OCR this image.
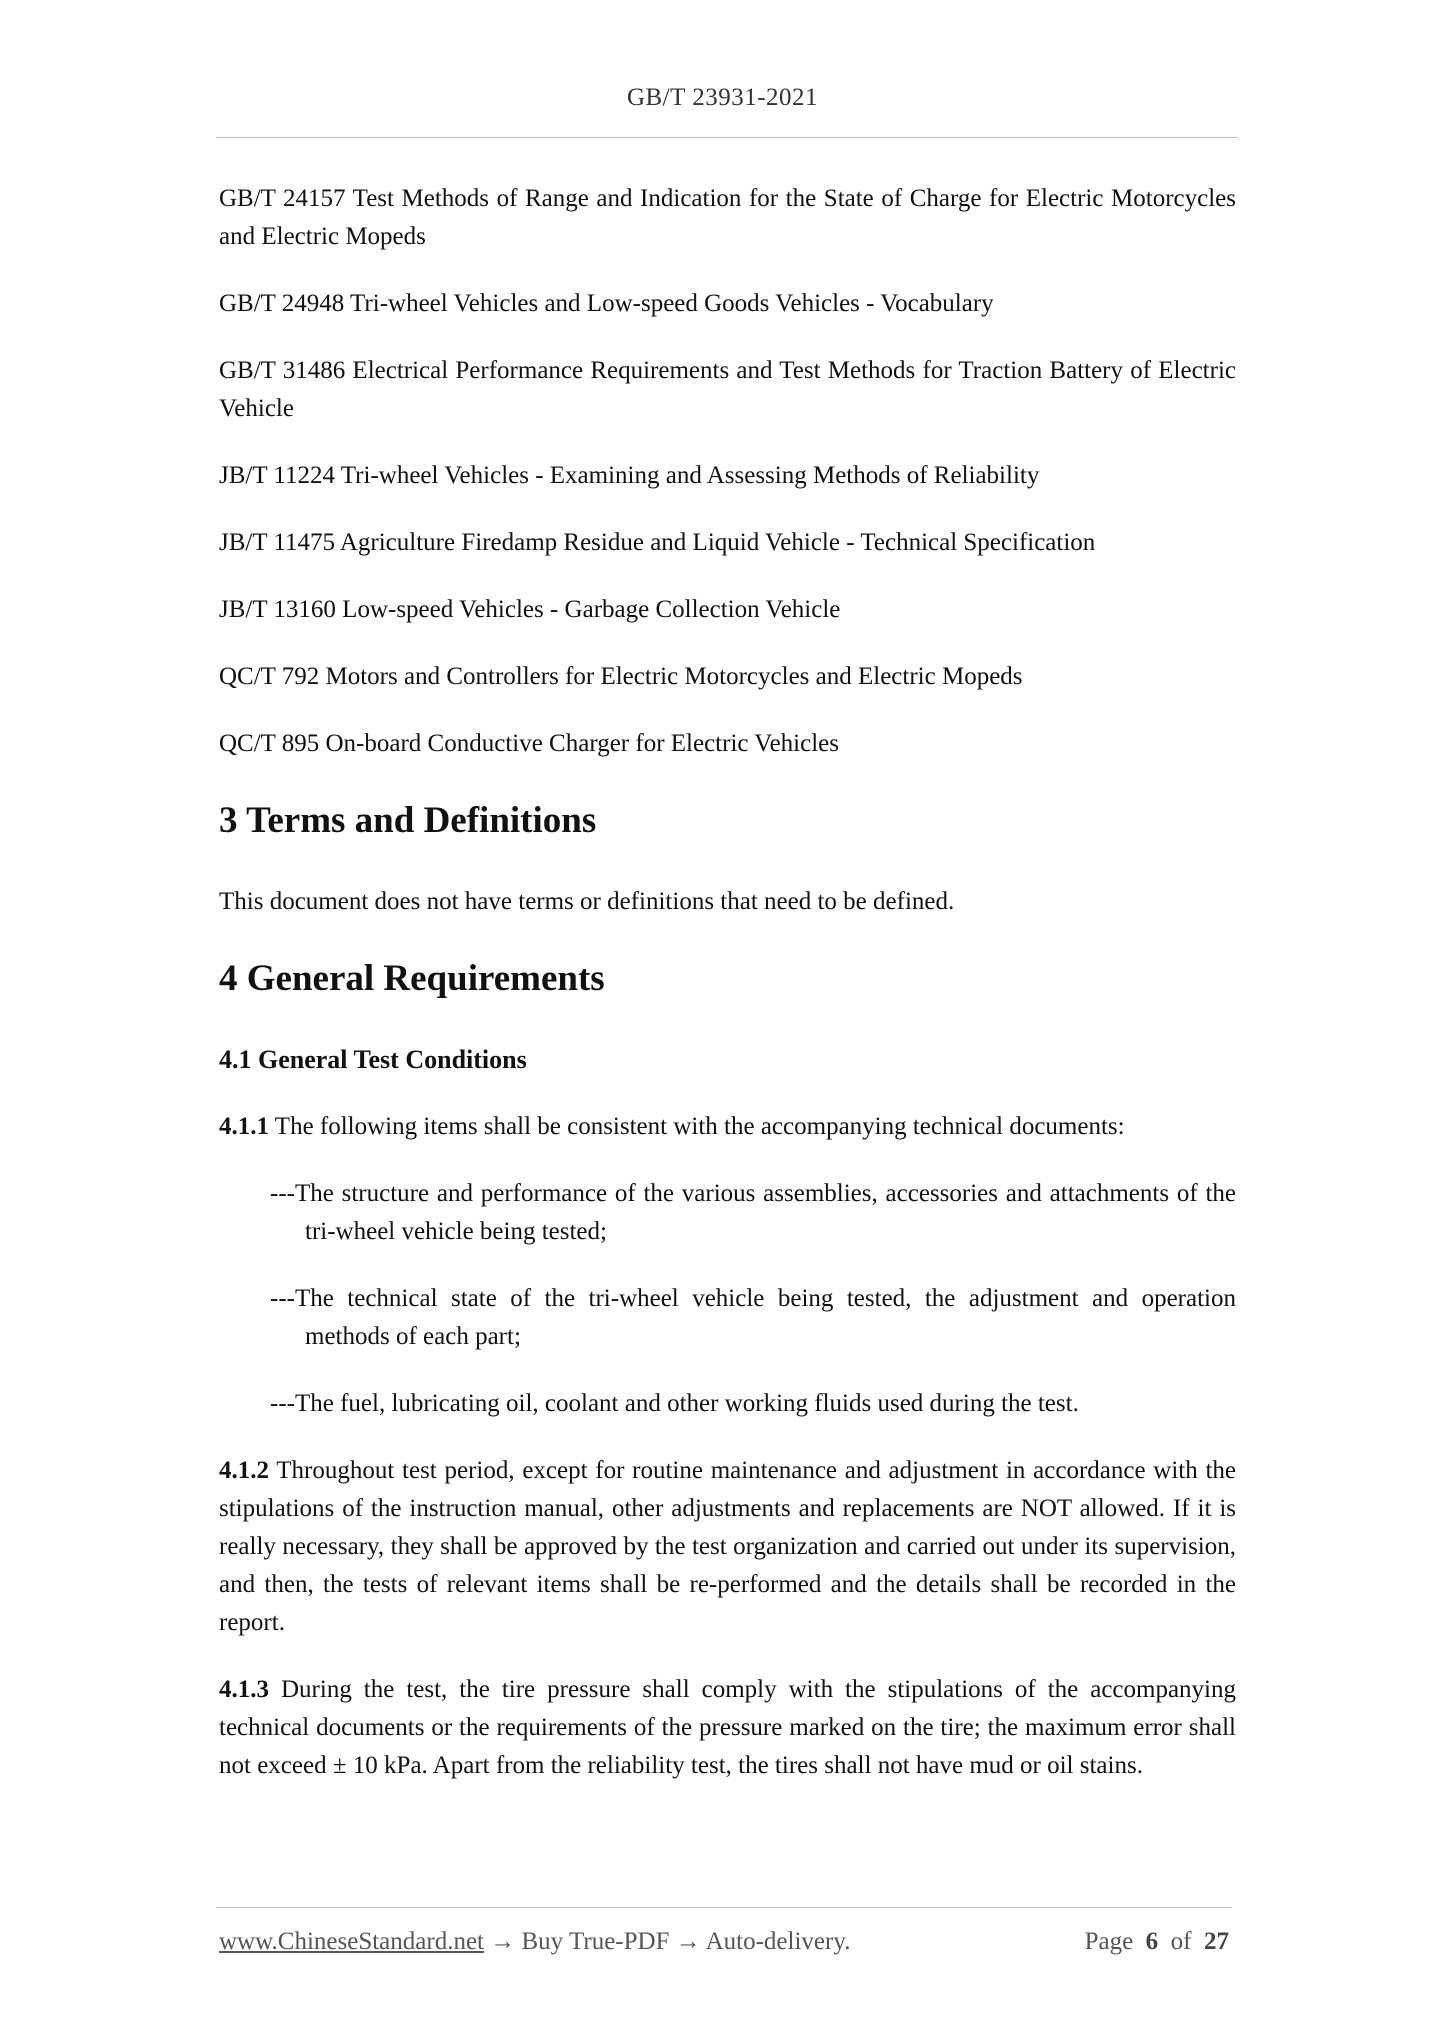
GB/T 23931-2021

GB/T 24157 Test Methods of Range and Indication for the State of Charge for Electric Motorcycles and Electric Mopeds

GB/T 24948 Tri-wheel Vehicles and Low-speed Goods Vehicles - Vocabulary

GB/T 31486 Electrical Performance Requirements and Test Methods for Traction Battery of Electric Vehicle

JB/T 11224 Tri-wheel Vehicles - Examining and Assessing Methods of Reliability

JB/T 11475 Agriculture Firedamp Residue and Liquid Vehicle - Technical Specification

JB/T 13160 Low-speed Vehicles - Garbage Collection Vehicle

QC/T 792 Motors and Controllers for Electric Motorcycles and Electric Mopeds

QC/T 895 On-board Conductive Charger for Electric Vehicles

3 Terms and Definitions

This document does not have terms or definitions that need to be defined.

4 General Requirements
4.1 General Test Conditions

4.1.1 The following items shall be consistent with the accompanying technical documents:

---The structure and performance of the various assemblies, accessories and attachments of the tri-wheel vehicle being tested;

---The technical state of the tri-wheel vehicle being tested, the adjustment and operation methods of each part;

---The fuel, lubricating oil, coolant and other working fluids used during the test.

4.1.2 Throughout test period, except for routine maintenance and adjustment in accordance with the stipulations of the instruction manual, other adjustments and replacements are NOT allowed. If it is really necessary, they shall be approved by the test organization and carried out under its supervision, and then, the tests of relevant items shall be re-performed and the details shall be recorded in the report.

4.1.3 During the test, the tire pressure shall comply with the stipulations of the accompanying technical documents or the requirements of the pressure marked on the tire; the maximum error shall not exceed ± 10 kPa. Apart from the reliability test, the tires shall not have mud or oil stains.

www.ChineseStandard.net → Buy True-PDF → Auto-delivery.	Page 6 of 27
